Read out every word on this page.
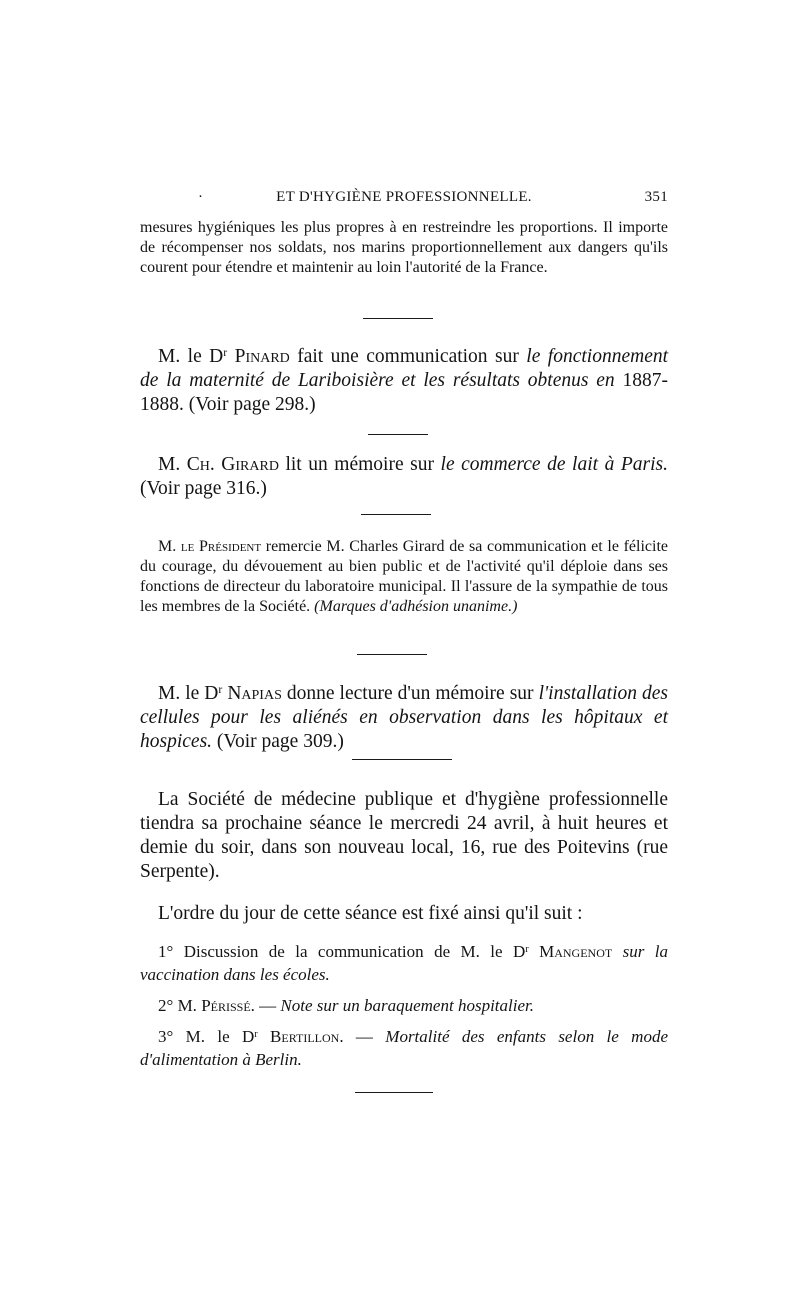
·	ET D'HYGIÈNE PROFESSIONNELLE.	351

mesures hygiéniques les plus propres à en restreindre les proportions. Il importe de récompenser nos soldats, nos marins proportionnellement aux dangers qu'ils courent pour étendre et maintenir au loin l'autorité de la France.

M. le $D^r$ Pinard fait une communication sur le fonctionnement de la maternité de Lariboisière et les résultats obtenus en 1887-1888. (Voir page 298.)

M. Ch. Girard lit un mémoire sur le commerce de lait à Paris. (Voir page 316.)

M. le Président remercie M. Charles Girard de sa communication et le félicite du courage, du dévouement au bien public et de l'activité qu'il déploie dans ses fonctions de directeur du laboratoire municipal. Il l'assure de la sympathie de tous les membres de la Société. (Marques d'adhésion unanime.)

M. le $D^r$ Napias donne lecture d'un mémoire sur l'installation des cellules pour les aliénés en observation dans les hôpitaux et hospices. (Voir page 309.)

La Société de médecine publique et d'hygiène professionnelle tiendra sa prochaine séance le mercredi 24 avril, à huit heures et demie du soir, dans son nouveau local, 16, rue des Poitevins (rue Serpente).

L'ordre du jour de cette séance est fixé ainsi qu'il suit :

1° Discussion de la communication de M. le $D^r$ Mangenot sur la vaccination dans les écoles.

2° M. Périssé. — Note sur un baraquement hospitalier.

3° M. le $D^r$ Bertillon. — Mortalité des enfants selon le mode d'alimentation à Berlin.
